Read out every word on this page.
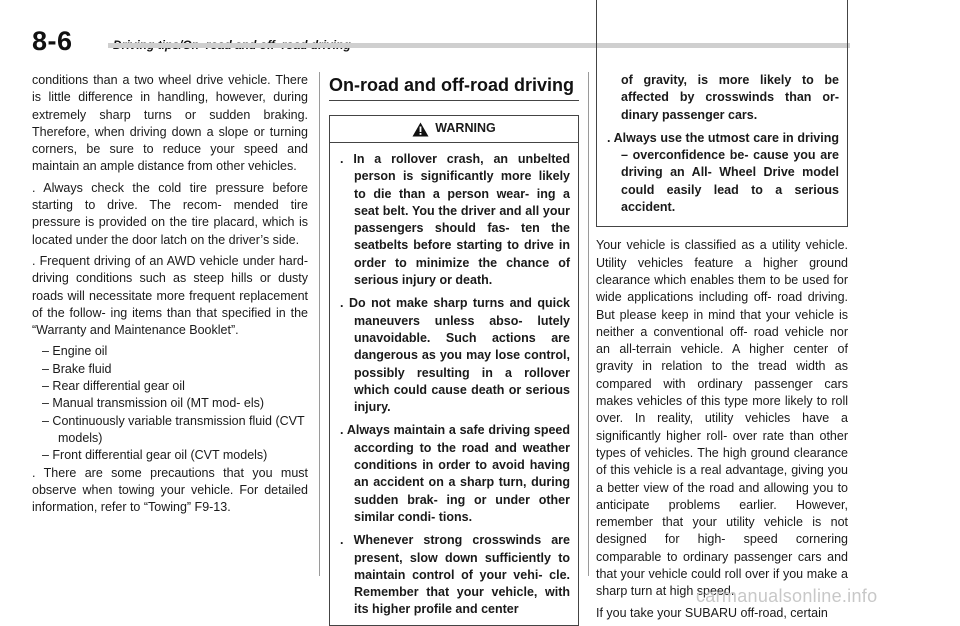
8-6

conditions than a two wheel drive vehicle. There is little difference in handling, however, during extremely sharp turns or sudden braking. Therefore, when driving down a slope or turning corners, be sure to reduce your speed and maintain an ample distance from other vehicles.

. Always check the cold tire pressure before starting to drive. The recom- mended tire pressure is provided on the tire placard, which is located under the door latch on the driver’s side.

. Frequent driving of an AWD vehicle under hard-driving conditions such as steep hills or dusty roads will necessitate more frequent replacement of the follow- ing items than that specified in the “Warranty and Maintenance Booklet”.

– Engine oil
– Brake fluid
– Rear differential gear oil
– Manual transmission oil (MT mod- els)
– Continuously variable transmission fluid (CVT models)
– Front differential gear oil (CVT models)

. There are some precautions that you must observe when towing your vehicle. For detailed information, refer to “Towing” F9-13.

On-road and off-road driving
WARNING

. In a rollover crash, an unbelted person is significantly more likely to die than a person wear- ing a seat belt. You the driver and all your passengers should fas- ten the seatbelts before starting to drive in order to minimize the chance of serious injury or death.

. Do not make sharp turns and quick maneuvers unless abso- lutely unavoidable. Such actions are dangerous as you may lose control, possibly resulting in a rollover which could cause death or serious injury.

. Always maintain a safe driving speed according to the road and weather conditions in order to avoid having an accident on a sharp turn, during sudden brak- ing or under other similar condi- tions.

. Whenever strong crosswinds are present, slow down sufficiently to maintain control of your vehi- cle. Remember that your vehicle, with its higher profile and center

of gravity, is more likely to be affected by crosswinds than or- dinary passenger cars.

. Always use the utmost care in driving – overconfidence be- cause you are driving an All- Wheel Drive model could easily lead to a serious accident.

Your vehicle is classified as a utility vehicle. Utility vehicles feature a higher ground clearance which enables them to be used for wide applications including off- road driving. But please keep in mind that your vehicle is neither a conventional off- road vehicle nor an all-terrain vehicle. A higher center of gravity in relation to the tread width as compared with ordinary passenger cars makes vehicles of this type more likely to roll over. In reality, utility vehicles have a significantly higher roll- over rate than other types of vehicles. The high ground clearance of this vehicle is a real advantage, giving you a better view of the road and allowing you to anticipate problems earlier. However, remember that your utility vehicle is not designed for high- speed cornering comparable to ordinary passenger cars and that your vehicle could roll over if you make a sharp turn at high speed.

If you take your SUBARU off-road, certain

carmanualsonline.info
